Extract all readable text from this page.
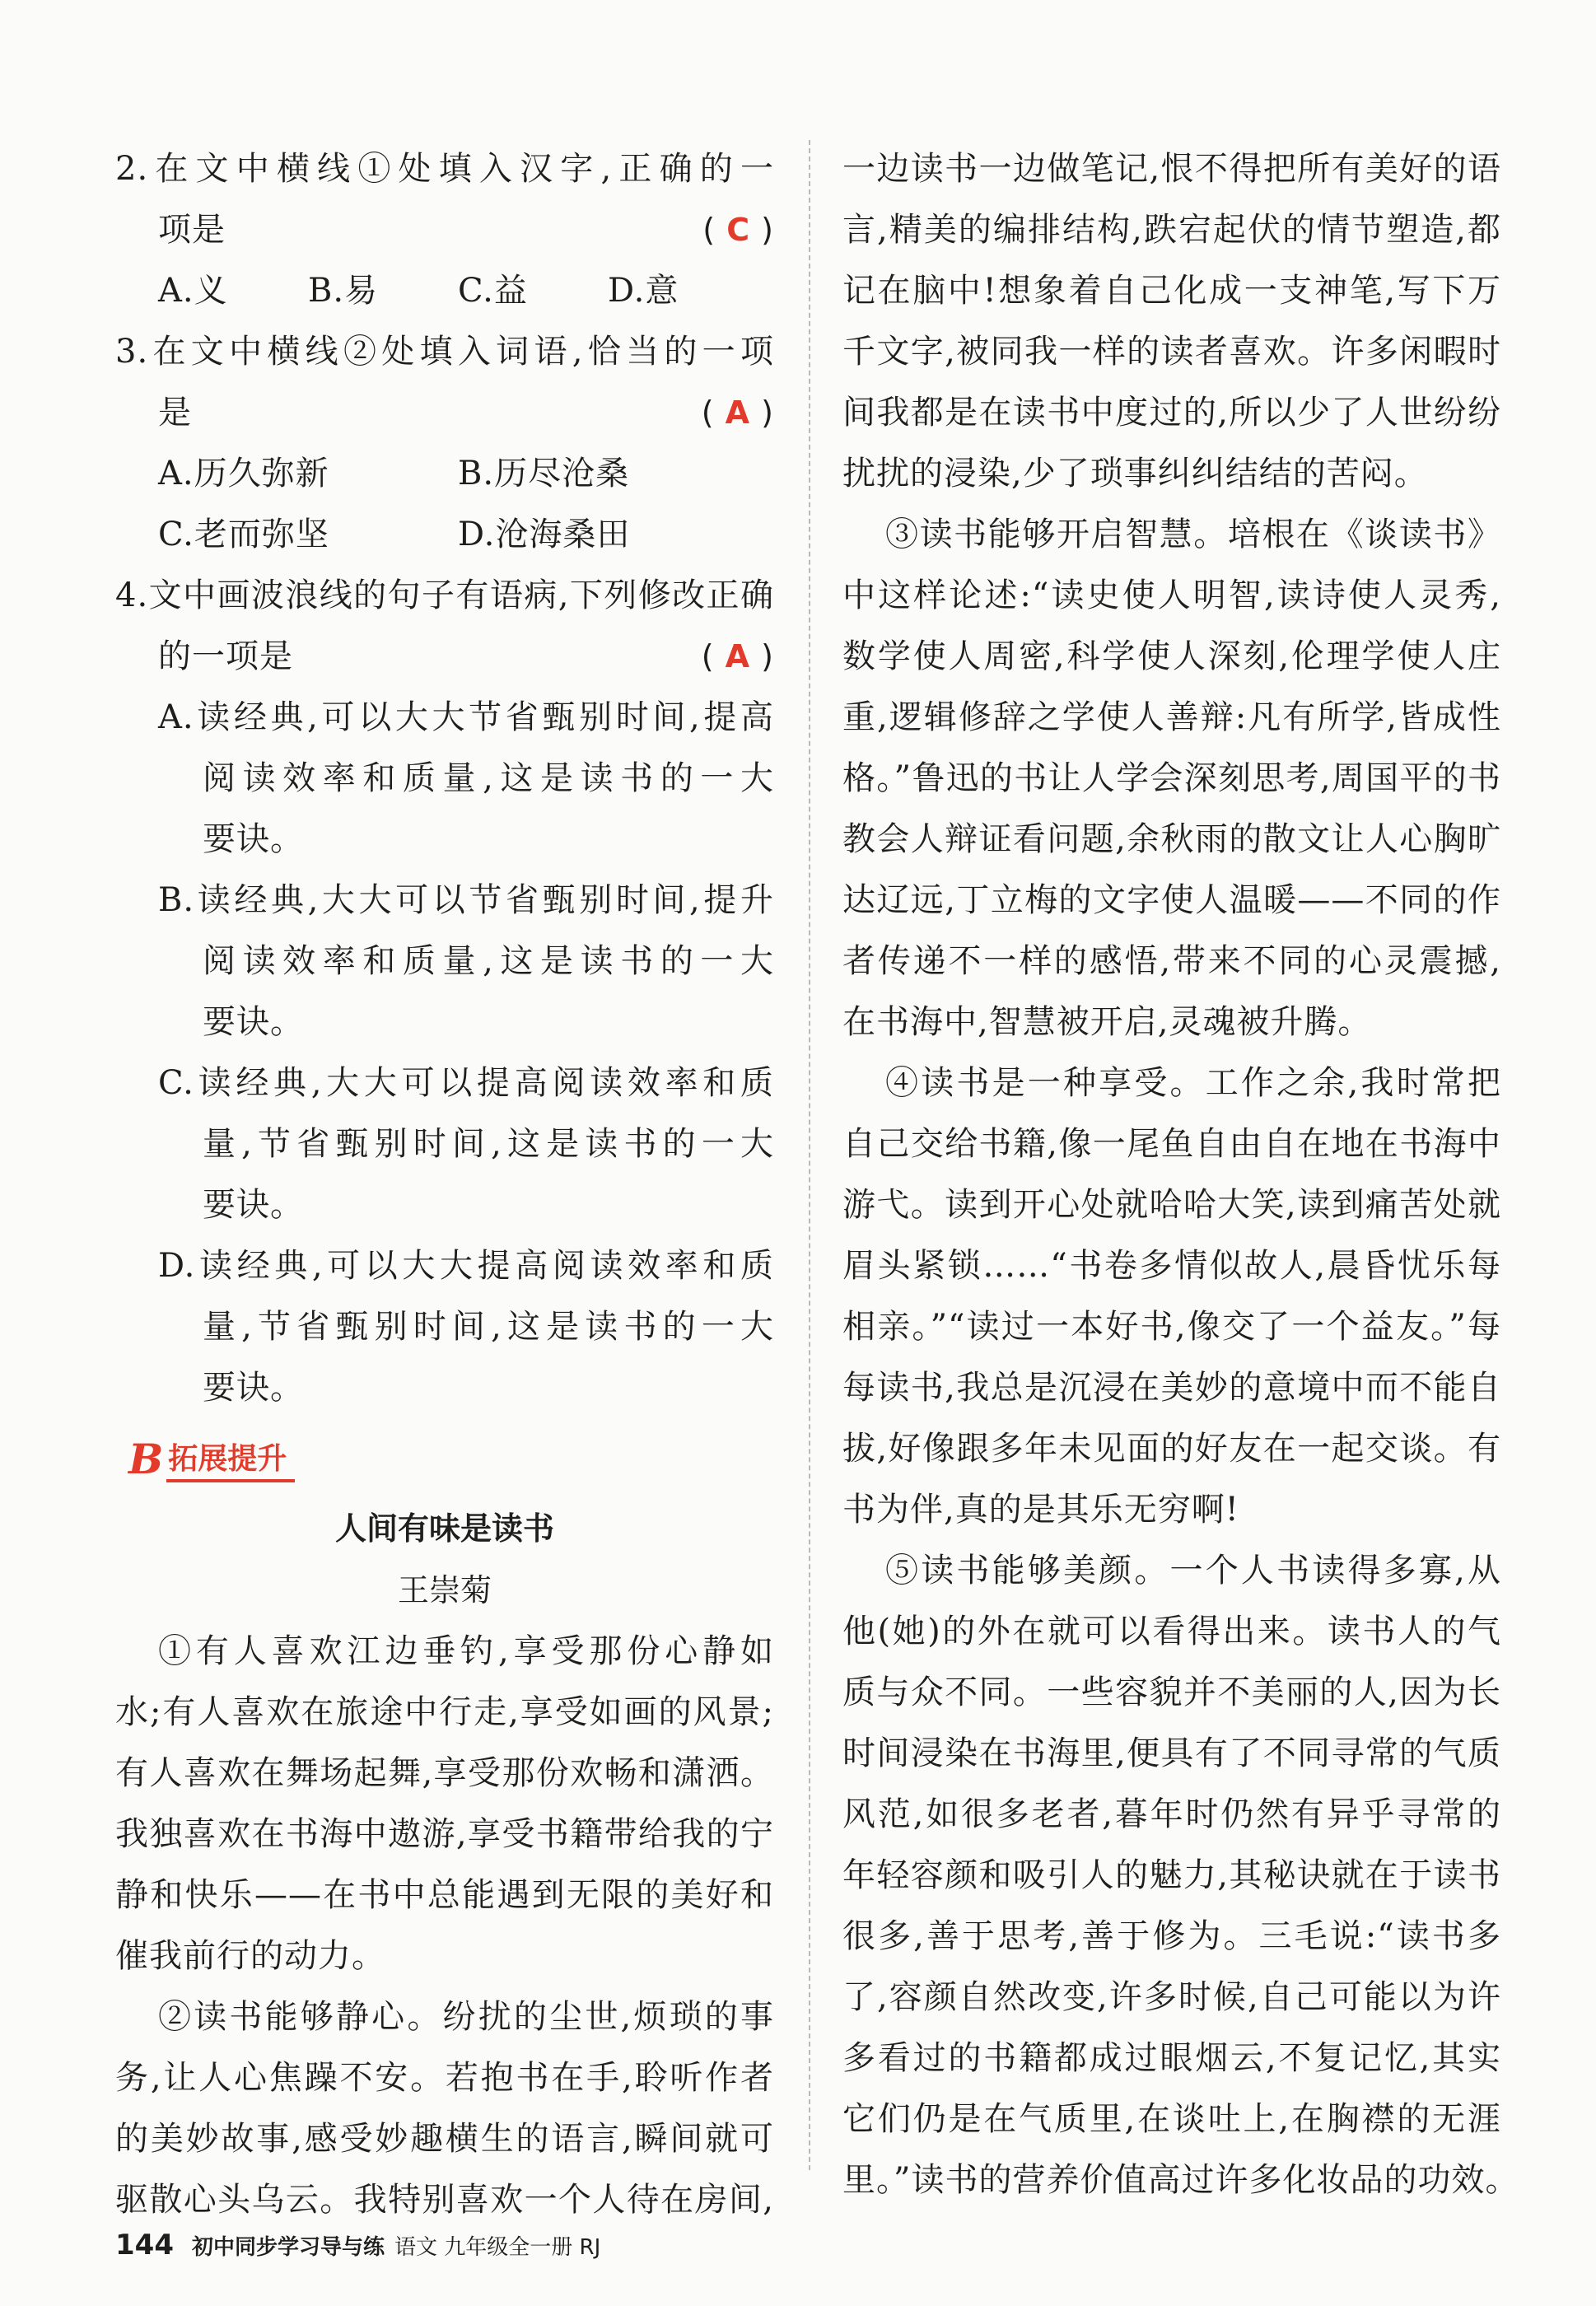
2.在文中横线①处填入汉字,正确的一
项是	( C )
A.义	B.易	C.益	D.意
3.在文中横线②处填入词语,恰当的一项
是	( A )
A.历久弥新	B.历尽沧桑
C.老而弥坚	D.沧海桑田
4.文中画波浪线的句子有语病,下列修改正确
的一项是	( A )
A.读经典,可以大大节省甄别时间,提高
阅读效率和质量,这是读书的一大
要诀。
B.读经典,大大可以节省甄别时间,提升
阅读效率和质量,这是读书的一大
要诀。
C.读经典,大大可以提高阅读效率和质
量,节省甄别时间,这是读书的一大
要诀。
D.读经典,可以大大提高阅读效率和质
量,节省甄别时间,这是读书的一大
要诀。
B 拓展提升
人间有味是读书
王崇菊
①有人喜欢江边垂钓,享受那份心静如
水;有人喜欢在旅途中行走,享受如画的风景;
有人喜欢在舞场起舞,享受那份欢畅和潇洒。
我独喜欢在书海中遨游,享受书籍带给我的宁
静和快乐——在书中总能遇到无限的美好和
催我前行的动力。
②读书能够静心。纷扰的尘世,烦琐的事
务,让人心焦躁不安。若抱书在手,聆听作者
的美妙故事,感受妙趣横生的语言,瞬间就可
驱散心头乌云。我特别喜欢一个人待在房间,
一边读书一边做笔记,恨不得把所有美好的语
言,精美的编排结构,跌宕起伏的情节塑造,都
记在脑中!想象着自己化成一支神笔,写下万
千文字,被同我一样的读者喜欢。许多闲暇时
间我都是在读书中度过的,所以少了人世纷纷
扰扰的浸染,少了琐事纠纠结结的苦闷。
③读书能够开启智慧。培根在《谈读书》
中这样论述:“读史使人明智,读诗使人灵秀,
数学使人周密,科学使人深刻,伦理学使人庄
重,逻辑修辞之学使人善辩:凡有所学,皆成性
格。”鲁迅的书让人学会深刻思考,周国平的书
教会人辩证看问题,余秋雨的散文让人心胸旷
达辽远,丁立梅的文字使人温暖——不同的作
者传递不一样的感悟,带来不同的心灵震撼,
在书海中,智慧被开启,灵魂被升腾。
④读书是一种享受。工作之余,我时常把
自己交给书籍,像一尾鱼自由自在地在书海中
游弋。读到开心处就哈哈大笑,读到痛苦处就
眉头紧锁……“书卷多情似故人,晨昏忧乐每
相亲。”“读过一本好书,像交了一个益友。”每
每读书,我总是沉浸在美妙的意境中而不能自
拔,好像跟多年未见面的好友在一起交谈。有
书为伴,真的是其乐无穷啊!
⑤读书能够美颜。一个人书读得多寡,从
他(她)的外在就可以看得出来。读书人的气
质与众不同。一些容貌并不美丽的人,因为长
时间浸染在书海里,便具有了不同寻常的气质
风范,如很多老者,暮年时仍然有异乎寻常的
年轻容颜和吸引人的魅力,其秘诀就在于读书
很多,善于思考,善于修为。三毛说:“读书多
了,容颜自然改变,许多时候,自己可能以为许
多看过的书籍都成过眼烟云,不复记忆,其实
它们仍是在气质里,在谈吐上,在胸襟的无涯
里。”读书的营养价值高过许多化妆品的功效。
144 初中同步学习导与练 语文 九年级全一册 RJ
